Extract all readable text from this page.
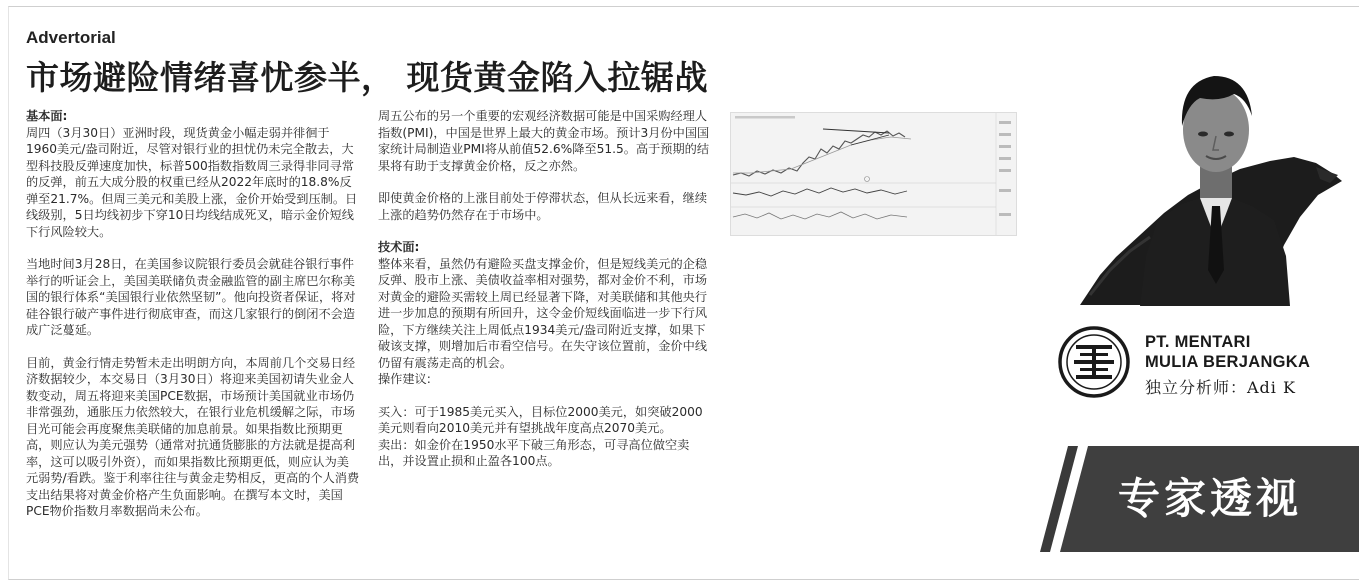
Advertorial
市场避险情绪喜忧参半， 现货黄金陷入拉锯战

基本面:

周四（3月30日）亚洲时段，现货黄金小幅走弱并徘徊于1960美元/盎司附近，尽管对银行业的担忧仍未完全散去，大型科技股反弹速度加快，标普500指数指数周三录得非同寻常的反弹，前五大成分股的权重已经从2022年底时的18.8%反弹至21.7%。但周三美元和美股上涨，金价开始受到压制。日线级别，5日均线初步下穿10日均线结成死叉，暗示金价短线下行风险较大。

当地时间3月28日，在美国参议院银行委员会就硅谷银行事件举行的听证会上，美国美联储负责金融监管的副主席巴尔称美国的银行体系“美国银行业依然坚韧”。他向投资者保证，将对硅谷银行破产事件进行彻底审查，而这几家银行的倒闭不会造成广泛蔓延。

目前，黄金行情走势暂未走出明朗方向，本周前几个交易日经济数据较少，本交易日（3月30日）将迎来美国初请失业金人数变动，周五将迎来美国PCE数据，市场预计美国就业市场仍非常强劲，通胀压力依然较大，在银行业危机缓解之际，市场目光可能会再度聚焦美联储的加息前景。如果指数比预期更高，则应认为美元强势（通常对抗通货膨胀的方法就是提高利率，这可以吸引外资），而如果指数比预期更低，则应认为美元弱势/看跌。鉴于利率往往与黄金走势相反，更高的个人消费支出结果将对黄金价格产生负面影响。在撰写本文时，美国PCE物价指数月率数据尚未公布。

周五公布的另一个重要的宏观经济数据可能是中国采购经理人指数(PMI)，中国是世界上最大的黄金市场。预计3月份中国国家统计局制造业PMI将从前值52.6%降至51.5。高于预期的结果将有助于支撑黄金价格，反之亦然。

即使黄金价格的上涨目前处于停滞状态，但从长远来看，继续上涨的趋势仍然存在于市场中。

技术面:

整体来看，虽然仍有避险买盘支撑金价，但是短线美元的企稳反弹、股市上涨、美债收益率相对强势，都对金价不利，市场对黄金的避险买需较上周已经显著下降，对美联储和其他央行进一步加息的预期有所回升，这令金价短线面临进一步下行风险，下方继续关注上周低点1934美元/盎司附近支撑，如果下破该支撑，则增加后市看空信号。在失守该位置前，金价中线仍留有震荡走高的机会。

操作建议:

买入：可于1985美元买入，目标位2000美元，如突破2000美元则看向2010美元并有望挑战年度高点2070美元。

卖出：如金价在1950水平下破三角形态，可寻高位做空卖出，并设置止损和止盈各100点。

PT. MENTARI
MULIA BERJANGKA
独立分析师：Adi K
专家透视
